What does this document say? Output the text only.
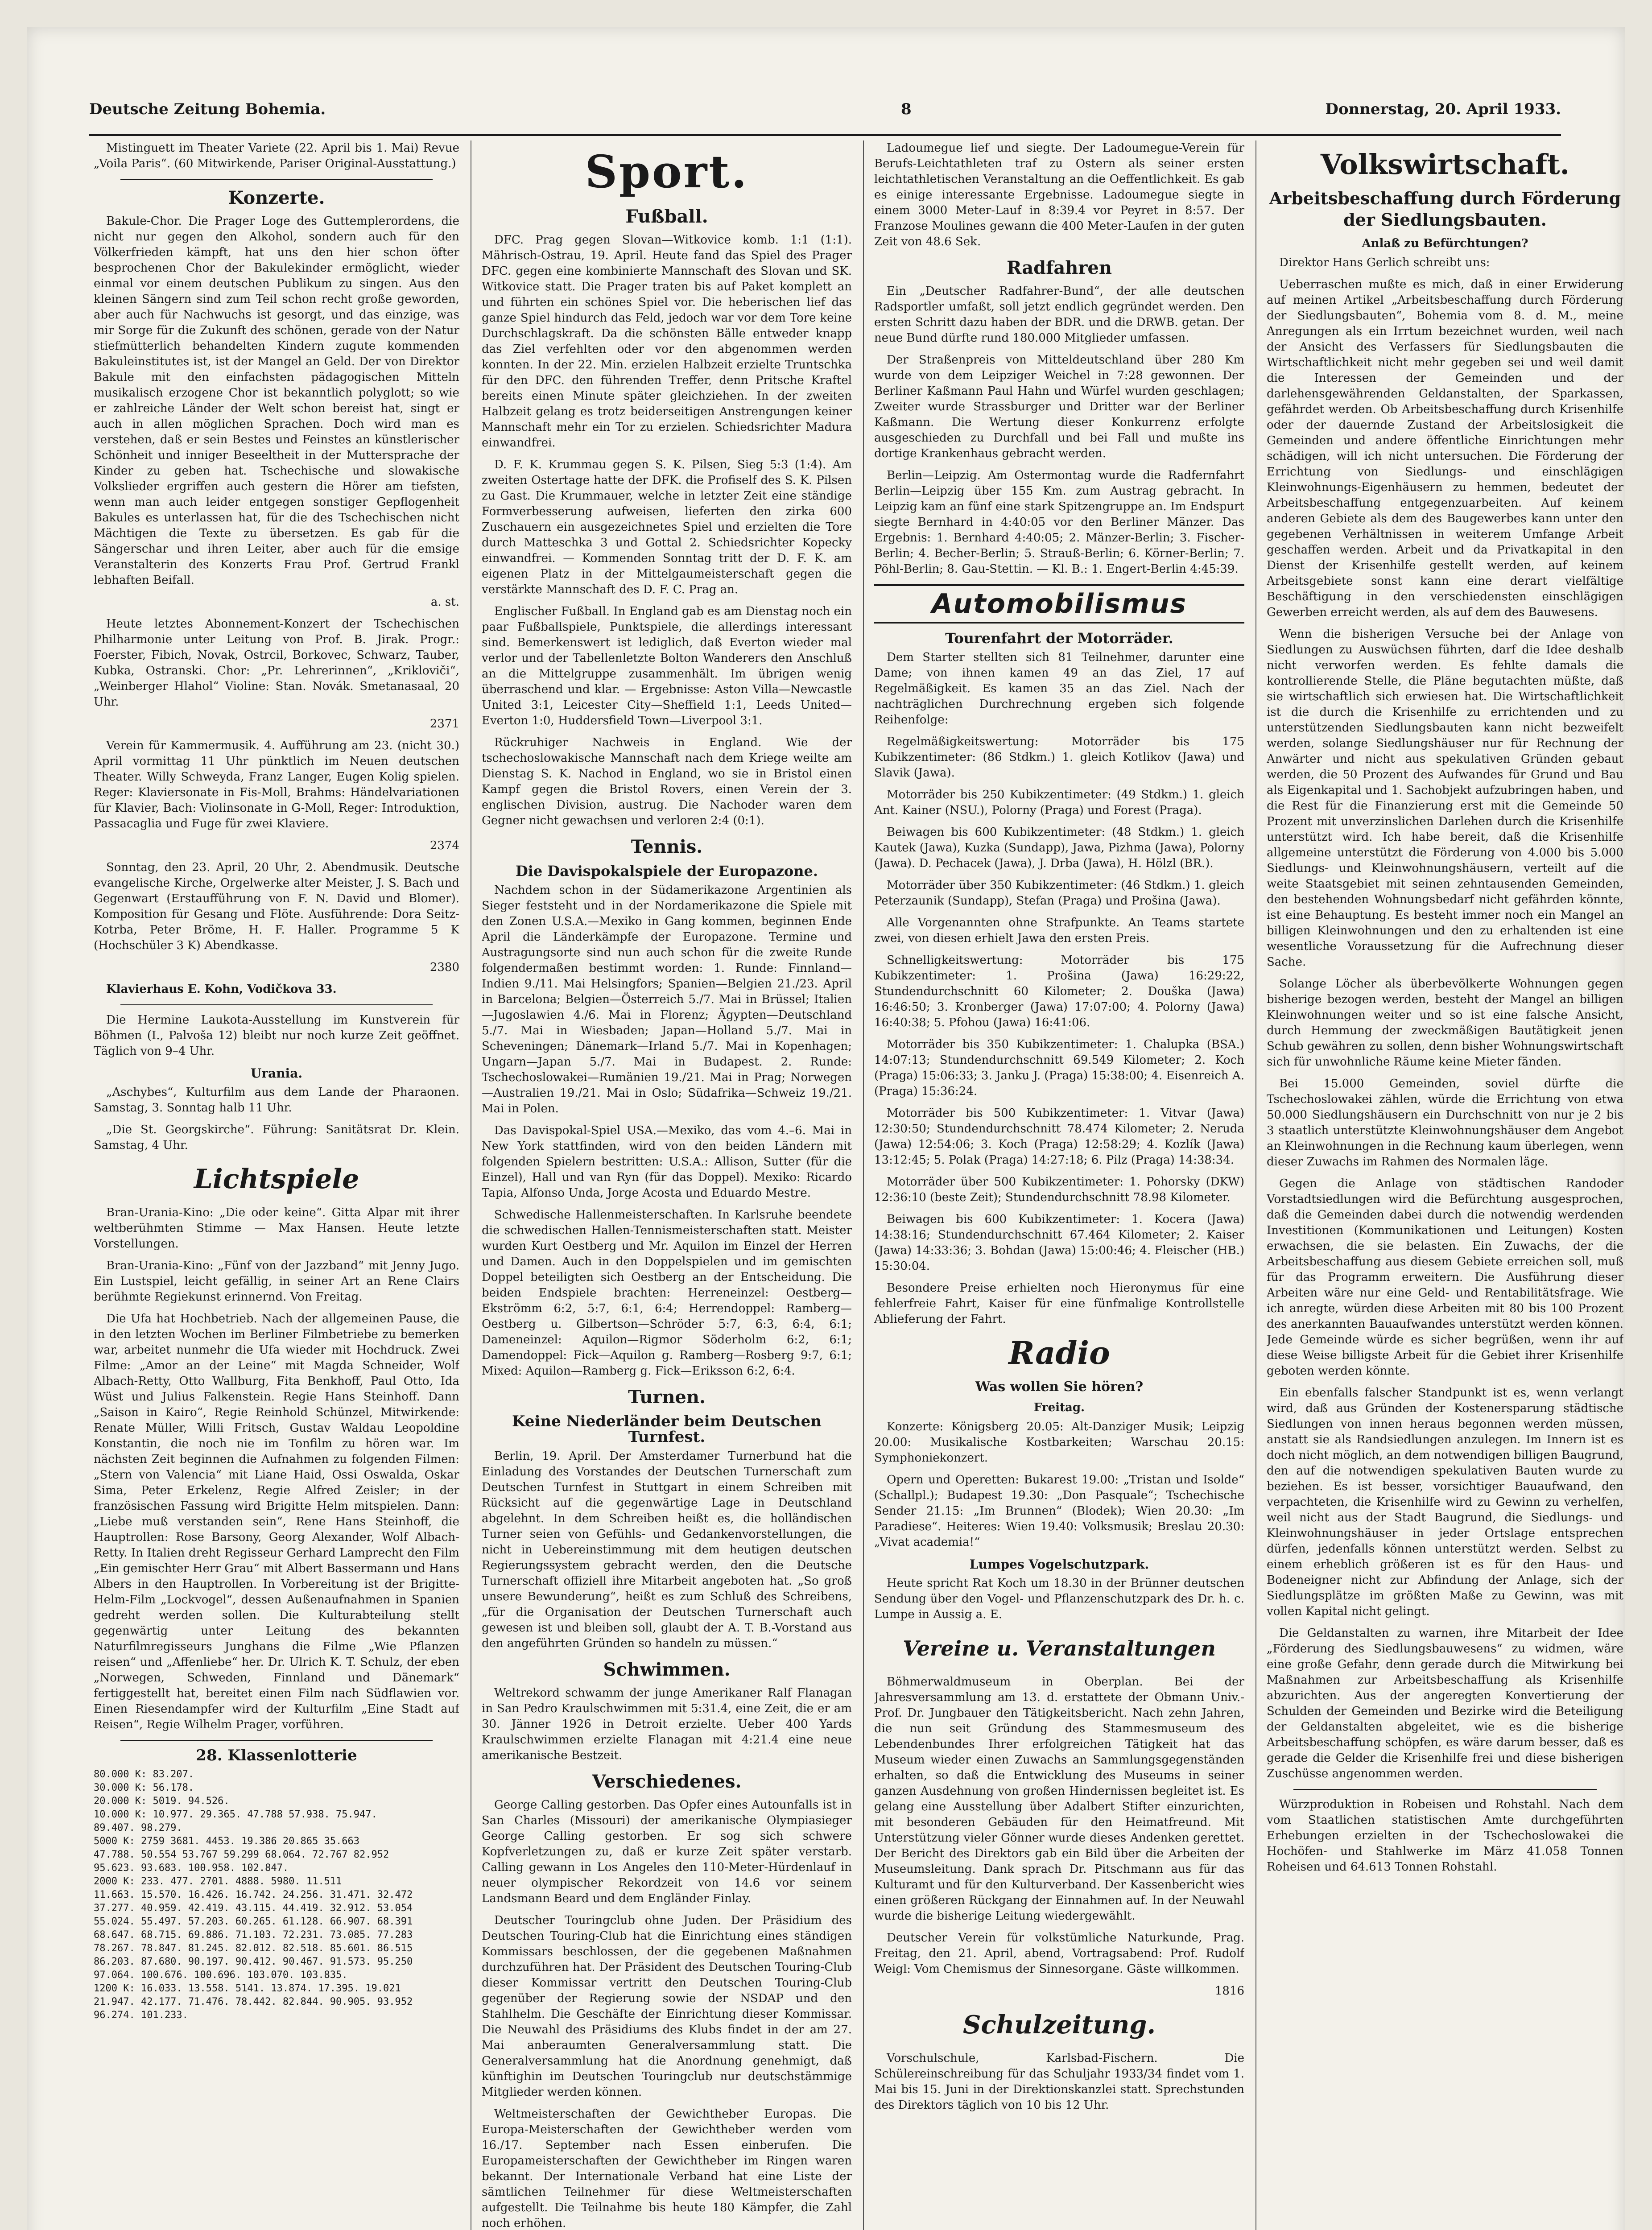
Deutsche Zeitung Bohemia.	8	Donnerstag, 20. April 1933.

Mistinguett im Theater Variete (22. April bis 1. Mai) Revue „Voila Paris“. (60 Mitwirkende, Pariser Original-Ausstattung.)

Konzerte.

Bakule-Chor. Die Prager Loge des Guttemplerordens, die nicht nur gegen den Alkohol, sondern auch für den Völkerfrieden kämpft, hat uns den hier schon öfter besprochenen Chor der Bakulekinder ermöglicht, wieder einmal vor einem deutschen Publikum zu singen. Aus den kleinen Sängern sind zum Teil schon recht große geworden, aber auch für Nachwuchs ist gesorgt, und das einzige, was mir Sorge für die Zukunft des schönen, gerade von der Natur stiefmütterlich behandelten Kindern zugute kommenden Bakuleinstitutes ist, ist der Mangel an Geld. Der von Direktor Bakule mit den einfachsten pädagogischen Mitteln musikalisch erzogene Chor ist bekanntlich polyglott; so wie er zahlreiche Länder der Welt schon bereist hat, singt er auch in allen möglichen Sprachen. Doch wird man es verstehen, daß er sein Bestes und Feinstes an künstlerischer Schönheit und inniger Beseeltheit in der Muttersprache der Kinder zu geben hat. Tschechische und slowakische Volkslieder ergriffen auch gestern die Hörer am tiefsten, wenn man auch leider entgegen sonstiger Gepflogenheit Bakules es unterlassen hat, für die des Tschechischen nicht Mächtigen die Texte zu übersetzen. Es gab für die Sängerschar und ihren Leiter, aber auch für die emsige Veranstalterin des Konzerts Frau Prof. Gertrud Frankl lebhaften Beifall.

a. st.

Heute letztes Abonnement-Konzert der Tschechischen Philharmonie unter Leitung von Prof. B. Jirak. Progr.: Foerster, Fibich, Novak, Ostrcil, Borkovec, Schwarz, Tauber, Kubka, Ostranski. Chor: „Pr. Lehrerinnen“, „Krikloviči“, „Weinberger Hlahol“ Violine: Stan. Novák. Smetanasaal, 20 Uhr.

2371

Verein für Kammermusik. 4. Aufführung am 23. (nicht 30.) April vormittag 11 Uhr pünktlich im Neuen deutschen Theater. Willy Schweyda, Franz Langer, Eugen Kolig spielen. Reger: Klaviersonate in Fis-Moll, Brahms: Händelvariationen für Klavier, Bach: Violinsonate in G-Moll, Reger: Introduktion, Passacaglia und Fuge für zwei Klaviere.

2374

Sonntag, den 23. April, 20 Uhr, 2. Abendmusik. Deutsche evangelische Kirche, Orgelwerke alter Meister, J. S. Bach und Gegenwart (Erstaufführung von F. N. David und Blomer). Komposition für Gesang und Flöte. Ausführende: Dora Seitz-Kotrba, Peter Bröme, H. F. Haller. Programme 5 K (Hochschüler 3 K) Abendkasse.

2380

Klavierhaus E. Kohn, Vodičkova 33.

Die Hermine Laukota-Ausstellung im Kunstverein für Böhmen (I., Palvoša 12) bleibt nur noch kurze Zeit geöffnet. Täglich von 9–4 Uhr.

Urania.

„Aschybes“, Kulturfilm aus dem Lande der Pharaonen. Samstag, 3. Sonntag halb 11 Uhr.

„Die St. Georgskirche“. Führung: Sanitätsrat Dr. Klein. Samstag, 4 Uhr.

Lichtspiele

Bran-Urania-Kino: „Die oder keine“. Gitta Alpar mit ihrer weltberühmten Stimme — Max Hansen. Heute letzte Vorstellungen.

Bran-Urania-Kino: „Fünf von der Jazzband“ mit Jenny Jugo. Ein Lustspiel, leicht gefällig, in seiner Art an Rene Clairs berühmte Regiekunst erinnernd. Von Freitag.

Die Ufa hat Hochbetrieb. Nach der allgemeinen Pause, die in den letzten Wochen im Berliner Filmbetriebe zu bemerken war, arbeitet nunmehr die Ufa wieder mit Hochdruck. Zwei Filme: „Amor an der Leine“ mit Magda Schneider, Wolf Albach-Retty, Otto Wallburg, Fita Benkhoff, Paul Otto, Ida Wüst und Julius Falkenstein. Regie Hans Steinhoff. Dann „Saison in Kairo“, Regie Reinhold Schünzel, Mitwirkende: Renate Müller, Willi Fritsch, Gustav Waldau Leopoldine Konstantin, die noch nie im Tonfilm zu hören war. Im nächsten Zeit beginnen die Aufnahmen zu folgenden Filmen: „Stern von Valencia“ mit Liane Haid, Ossi Oswalda, Oskar Sima, Peter Erkelenz, Regie Alfred Zeisler; in der französischen Fassung wird Brigitte Helm mitspielen. Dann: „Liebe muß verstanden sein“, Rene Hans Steinhoff, die Hauptrollen: Rose Barsony, Georg Alexander, Wolf Albach-Retty. In Italien dreht Regisseur Gerhard Lamprecht den Film „Ein gemischter Herr Grau“ mit Albert Bassermann und Hans Albers in den Hauptrollen. In Vorbereitung ist der Brigitte-Helm-Film „Lockvogel“, dessen Außenaufnahmen in Spanien gedreht werden sollen. Die Kulturabteilung stellt gegenwärtig unter Leitung des bekannten Naturfilmregisseurs Junghans die Filme „Wie Pflanzen reisen“ und „Affenliebe“ her. Dr. Ulrich K. T. Schulz, der eben „Norwegen, Schweden, Finnland und Dänemark“ fertiggestellt hat, bereitet einen Film nach Südflawien vor. Einen Riesendampfer wird der Kulturfilm „Eine Stadt auf Reisen“, Regie Wilhelm Prager, vorführen.

28. Klassenlotterie

80.000 K: 83.207.

30.000 K: 56.178.

20.000 K: 5019. 94.526.

10.000 K: 10.977. 29.365. 47.788 57.938. 75.947.

89.407. 98.279.

5000 K: 2759 3681. 4453. 19.386 20.865 35.663

47.788. 50.554 53.767 59.299 68.064. 72.767 82.952

95.623. 93.683. 100.958. 102.847.

2000 K: 233. 477. 2701. 4888. 5980. 11.511

11.663. 15.570. 16.426. 16.742. 24.256. 31.471. 32.472

37.277. 40.959. 42.419. 43.115. 44.419. 32.912. 53.054

55.024. 55.497. 57.203. 60.265. 61.128. 66.907. 68.391

68.647. 68.715. 69.886. 71.103. 72.231. 73.085. 77.283

78.267. 78.847. 81.245. 82.012. 82.518. 85.601. 86.515

86.203. 87.680. 90.197. 90.412. 90.467. 91.573. 95.250

97.064. 100.676. 100.696. 103.070. 103.835.

1200 K: 16.033. 13.558. 5141. 13.874. 17.395. 19.021

21.947. 42.177. 71.476. 78.442. 82.844. 90.905. 93.952

96.274. 101.233.

Sport.
Fußball.

DFC. Prag gegen Slovan—Witkovice komb. 1:1 (1:1). Mährisch-Ostrau, 19. April. Heute fand das Spiel des Prager DFC. gegen eine kombinierte Mannschaft des Slovan und SK. Witkovice statt. Die Prager traten bis auf Paket komplett an und führten ein schönes Spiel vor. Die heberischen lief das ganze Spiel hindurch das Feld, jedoch war vor dem Tore keine Durchschlagskraft. Da die schönsten Bälle entweder knapp das Ziel verfehlten oder vor den abgenommen werden konnten. In der 22. Min. erzielen Halbzeit erzielte Truntschka für den DFC. den führenden Treffer, denn Pritsche Kraftel bereits einen Minute später gleichziehen. In der zweiten Halbzeit gelang es trotz beiderseitigen Anstrengungen keiner Mannschaft mehr ein Tor zu erzielen. Schiedsrichter Madura einwandfrei.

D. F. K. Krummau gegen S. K. Pilsen, Sieg 5:3 (1:4). Am zweiten Ostertage hatte der DFK. die Profiself des S. K. Pilsen zu Gast. Die Krummauer, welche in letzter Zeit eine ständige Formverbesserung aufweisen, lieferten den zirka 600 Zuschauern ein ausgezeichnetes Spiel und erzielten die Tore durch Matteschka 3 und Gottal 2. Schiedsrichter Kopecky einwandfrei. — Kommenden Sonntag tritt der D. F. K. am eigenen Platz in der Mittelgaumeisterschaft gegen die verstärkte Mannschaft des D. F. C. Prag an.

Englischer Fußball. In England gab es am Dienstag noch ein paar Fußballspiele, Punktspiele, die allerdings interessant sind. Bemerkenswert ist lediglich, daß Everton wieder mal verlor und der Tabellenletzte Bolton Wanderers den Anschluß an die Mittelgruppe zusammenhält. Im übrigen wenig überraschend und klar. — Ergebnisse: Aston Villa—Newcastle United 3:1, Leicester City—Sheffield 1:1, Leeds United—Everton 1:0, Huddersfield Town—Liverpool 3:1.

Rückruhiger Nachweis in England. Wie der tschechoslowakische Mannschaft nach dem Kriege weilte am Dienstag S. K. Nachod in England, wo sie in Bristol einen Kampf gegen die Bristol Rovers, einen Verein der 3. englischen Division, austrug. Die Nachoder waren dem Gegner nicht gewachsen und verloren 2:4 (0:1).

Tennis.
Die Davispokalspiele der Europazone.

Nachdem schon in der Südamerikazone Argentinien als Sieger feststeht und in der Nordamerikazone die Spiele mit den Zonen U.S.A.—Mexiko in Gang kommen, beginnen Ende April die Länderkämpfe der Europazone. Termine und Austragungsorte sind nun auch schon für die zweite Runde folgendermaßen bestimmt worden: 1. Runde: Finnland—Indien 9./11. Mai Helsingfors; Spanien—Belgien 21./23. April in Barcelona; Belgien—Österreich 5./7. Mai in Brüssel; Italien—Jugoslawien 4./6. Mai in Florenz; Ägypten—Deutschland 5./7. Mai in Wiesbaden; Japan—Holland 5./7. Mai in Scheveningen; Dänemark—Irland 5./7. Mai in Kopenhagen; Ungarn—Japan 5./7. Mai in Budapest. 2. Runde: Tschechoslowakei—Rumänien 19./21. Mai in Prag; Norwegen—Australien 19./21. Mai in Oslo; Südafrika—Schweiz 19./21. Mai in Polen.

Das Davispokal-Spiel USA.—Mexiko, das vom 4.–6. Mai in New York stattfinden, wird von den beiden Ländern mit folgenden Spielern bestritten: U.S.A.: Allison, Sutter (für die Einzel), Hall und van Ryn (für das Doppel). Mexiko: Ricardo Tapia, Alfonso Unda, Jorge Acosta und Eduardo Mestre.

Schwedische Hallenmeisterschaften. In Karlsruhe beendete die schwedischen Hallen-Tennismeisterschaften statt. Meister wurden Kurt Oestberg und Mr. Aquilon im Einzel der Herren und Damen. Auch in den Doppelspielen und im gemischten Doppel beteiligten sich Oestberg an der Entscheidung. Die beiden Endspiele brachten: Herreneinzel: Oestberg—Ekströmm 6:2, 5:7, 6:1, 6:4; Herrendoppel: Ramberg—Oestberg u. Gilbertson—Schröder 5:7, 6:3, 6:4, 6:1; Dameneinzel: Aquilon—Rigmor Söderholm 6:2, 6:1; Damendoppel: Fick—Aquilon g. Ramberg—Rosberg 9:7, 6:1; Mixed: Aquilon—Ramberg g. Fick—Eriksson 6:2, 6:4.

Turnen.
Keine Niederländer beim Deutschen Turnfest.

Berlin, 19. April. Der Amsterdamer Turnerbund hat die Einladung des Vorstandes der Deutschen Turnerschaft zum Deutschen Turnfest in Stuttgart in einem Schreiben mit Rücksicht auf die gegenwärtige Lage in Deutschland abgelehnt. In dem Schreiben heißt es, die holländischen Turner seien von Gefühls- und Gedankenvorstellungen, die nicht in Uebereinstimmung mit dem heutigen deutschen Regierungssystem gebracht werden, den die Deutsche Turnerschaft offiziell ihre Mitarbeit angeboten hat. „So groß unsere Bewunderung“, heißt es zum Schluß des Schreibens, „für die Organisation der Deutschen Turnerschaft auch gewesen ist und bleiben soll, glaubt der A. T. B.-Vorstand aus den angeführten Gründen so handeln zu müssen.“

Schwimmen.

Weltrekord schwamm der junge Amerikaner Ralf Flanagan in San Pedro Kraulschwimmen mit 5:31.4, eine Zeit, die er am 30. Jänner 1926 in Detroit erzielte. Ueber 400 Yards Kraulschwimmen erzielte Flanagan mit 4:21.4 eine neue amerikanische Bestzeit.

Verschiedenes.

George Calling gestorben. Das Opfer eines Autounfalls ist in San Charles (Missouri) der amerikanische Olympiasieger George Calling gestorben. Er sog sich schwere Kopfverletzungen zu, daß er kurze Zeit später verstarb. Calling gewann in Los Angeles den 110-Meter-Hürdenlauf in neuer olympischer Rekordzeit von 14.6 vor seinem Landsmann Beard und dem Engländer Finlay.

Deutscher Touringclub ohne Juden. Der Präsidium des Deutschen Touring-Club hat die Einrichtung eines ständigen Kommissars beschlossen, der die gegebenen Maßnahmen durchzuführen hat. Der Präsident des Deutschen Touring-Club dieser Kommissar vertritt den Deutschen Touring-Club gegenüber der Regierung sowie der NSDAP und den Stahlhelm. Die Geschäfte der Einrichtung dieser Kommissar. Die Neuwahl des Präsidiums des Klubs findet in der am 27. Mai anberaumten Generalversammlung statt. Die Generalversammlung hat die Anordnung genehmigt, daß künftighin im Deutschen Touringclub nur deutschstämmige Mitglieder werden können.

Weltmeisterschaften der Gewichtheber Europas. Die Europa-Meisterschaften der Gewichtheber werden vom 16./17. September nach Essen einberufen. Die Europameisterschaften der Gewichtheber im Ringen waren bekannt. Der Internationale Verband hat eine Liste der sämtlichen Teilnehmer für diese Weltmeisterschaften aufgestellt. Die Teilnahme bis heute 180 Kämpfer, die Zahl noch erhöhen.

Ladoumegue lief und siegte. Der Ladoumegue-Verein für Berufs-Leichtathleten traf zu Ostern als seiner ersten leichtathletischen Veranstaltung an die Oeffentlichkeit. Es gab es einige interessante Ergebnisse. Ladoumegue siegte in einem 3000 Meter-Lauf in 8:39.4 vor Peyret in 8:57. Der Franzose Moulines gewann die 400 Meter-Laufen in der guten Zeit von 48.6 Sek.

Radfahren

Ein „Deutscher Radfahrer-Bund“, der alle deutschen Radsportler umfaßt, soll jetzt endlich gegründet werden. Den ersten Schritt dazu haben der BDR. und die DRWB. getan. Der neue Bund dürfte rund 180.000 Mitglieder umfassen.

Der Straßenpreis von Mitteldeutschland über 280 Km wurde von dem Leipziger Weichel in 7:28 gewonnen. Der Berliner Kaßmann Paul Hahn und Würfel wurden geschlagen; Zweiter wurde Strassburger und Dritter war der Berliner Kaßmann. Die Wertung dieser Konkurrenz erfolgte ausgeschieden zu Durchfall und bei Fall und mußte ins dortige Krankenhaus gebracht werden.

Berlin—Leipzig. Am Ostermontag wurde die Radfernfahrt Berlin—Leipzig über 155 Km. zum Austrag gebracht. In Leipzig kam an fünf eine stark Spitzengruppe an. Im Endspurt siegte Bernhard in 4:40:05 vor den Berliner Mänzer. Das Ergebnis: 1. Bernhard 4:40:05; 2. Mänzer-Berlin; 3. Fischer-Berlin; 4. Becher-Berlin; 5. Strauß-Berlin; 6. Körner-Berlin; 7. Pöhl-Berlin; 8. Gau-Stettin. — Kl. B.: 1. Engert-Berlin 4:45:39.

Automobilismus
Tourenfahrt der Motorräder.

Dem Starter stellten sich 81 Teilnehmer, darunter eine Dame; von ihnen kamen 49 an das Ziel, 17 auf Regelmäßigkeit. Es kamen 35 an das Ziel. Nach der nachträglichen Durchrechnung ergeben sich folgende Reihenfolge:

Regelmäßigkeitswertung: Motorräder bis 175 Kubikzentimeter: (86 Stdkm.) 1. gleich Kotlikov (Jawa) und Slavik (Jawa).

Motorräder bis 250 Kubikzentimeter: (49 Stdkm.) 1. gleich Ant. Kainer (NSU.), Polorny (Praga) und Forest (Praga).

Beiwagen bis 600 Kubikzentimeter: (48 Stdkm.) 1. gleich Kautek (Jawa), Kuzka (Sundapp), Jawa, Pizhma (Jawa), Polorny (Jawa). D. Pechacek (Jawa), J. Drba (Jawa), H. Hölzl (BR.).

Motorräder über 350 Kubikzentimeter: (46 Stdkm.) 1. gleich Peterzaunik (Sundapp), Stefan (Praga) und Prošina (Jawa).

Alle Vorgenannten ohne Strafpunkte. An Teams startete zwei, von diesen erhielt Jawa den ersten Preis.

Schnelligkeitswertung: Motorräder bis 175 Kubikzentimeter: 1. Prošina (Jawa) 16:29:22, Stundendurchschnitt 60 Kilometer; 2. Douška (Jawa) 16:46:50; 3. Kronberger (Jawa) 17:07:00; 4. Polorny (Jawa) 16:40:38; 5. Pfohou (Jawa) 16:41:06.

Motorräder bis 350 Kubikzentimeter: 1. Chalupka (BSA.) 14:07:13; Stundendurchschnitt 69.549 Kilometer; 2. Koch (Praga) 15:06:33; 3. Janku J. (Praga) 15:38:00; 4. Eisenreich A. (Praga) 15:36:24.

Motorräder bis 500 Kubikzentimeter: 1. Vitvar (Jawa) 12:30:50; Stundendurchschnitt 78.474 Kilometer; 2. Neruda (Jawa) 12:54:06; 3. Koch (Praga) 12:58:29; 4. Kozlík (Jawa) 13:12:45; 5. Polak (Praga) 14:27:18; 6. Pilz (Praga) 14:38:34.

Motorräder über 500 Kubikzentimeter: 1. Pohorsky (DKW) 12:36:10 (beste Zeit); Stundendurchschnitt 78.98 Kilometer.

Beiwagen bis 600 Kubikzentimeter: 1. Kocera (Jawa) 14:38:16; Stundendurchschnitt 67.464 Kilometer; 2. Kaiser (Jawa) 14:33:36; 3. Bohdan (Jawa) 15:00:46; 4. Fleischer (HB.) 15:30:04.

Besondere Preise erhielten noch Hieronymus für eine fehlerfreie Fahrt, Kaiser für eine fünfmalige Kontrollstelle Ablieferung der Fahrt.

Radio
Was wollen Sie hören?
Freitag.

Konzerte: Königsberg 20.05: Alt-Danziger Musik; Leipzig 20.00: Musikalische Kostbarkeiten; Warschau 20.15: Symphoniekonzert.

Opern und Operetten: Bukarest 19.00: „Tristan und Isolde“ (Schallpl.); Budapest 19.30: „Don Pasquale“; Tschechische Sender 21.15: „Im Brunnen“ (Blodek); Wien 20.30: „Im Paradiese“. Heiteres: Wien 19.40: Volksmusik; Breslau 20.30: „Vivat academia!“

Lumpes Vogelschutzpark.

Heute spricht Rat Koch um 18.30 in der Brünner deutschen Sendung über den Vogel- und Pflanzenschutzpark des Dr. h. c. Lumpe in Aussig a. E.

Vereine u. Veranstaltungen

Böhmerwaldmuseum in Oberplan. Bei der Jahresversammlung am 13. d. erstattete der Obmann Univ.-Prof. Dr. Jungbauer den Tätigkeitsbericht. Nach zehn Jahren, die nun seit Gründung des Stammesmuseum des Lebendenbundes Ihrer erfolgreichen Tätigkeit hat das Museum wieder einen Zuwachs an Sammlungsgegenständen erhalten, so daß die Entwicklung des Museums in seiner ganzen Ausdehnung von großen Hindernissen begleitet ist. Es gelang eine Ausstellung über Adalbert Stifter einzurichten, mit besonderen Gebäuden für den Heimatfreund. Mit Unterstützung vieler Gönner wurde dieses Andenken gerettet. Der Bericht des Direktors gab ein Bild über die Arbeiten der Museumsleitung. Dank sprach Dr. Pitschmann aus für das Kulturamt und für den Kulturverband. Der Kassenbericht wies einen größeren Rückgang der Einnahmen auf. In der Neuwahl wurde die bisherige Leitung wiedergewählt.

Deutscher Verein für volkstümliche Naturkunde, Prag. Freitag, den 21. April, abend, Vortragsabend: Prof. Rudolf Weigl: Vom Chemismus der Sinnesorgane. Gäste willkommen.

1816

Schulzeitung.

Vorschulschule, Karlsbad-Fischern. Die Schülereinschreibung für das Schuljahr 1933/34 findet vom 1. Mai bis 15. Juni in der Direktionskanzlei statt. Sprechstunden des Direktors täglich von 10 bis 12 Uhr.

Volkswirtschaft.
Arbeitsbeschaffung durch Förderung der Siedlungsbauten.
Anlaß zu Befürchtungen?

Direktor Hans Gerlich schreibt uns:

Ueberraschen mußte es mich, daß in einer Erwiderung auf meinen Artikel „Arbeitsbeschaffung durch Förderung der Siedlungsbauten“, Bohemia vom 8. d. M., meine Anregungen als ein Irrtum bezeichnet wurden, weil nach der Ansicht des Verfassers für Siedlungsbauten die Wirtschaftlichkeit nicht mehr gegeben sei und weil damit die Interessen der Gemeinden und der darlehensgewährenden Geldanstalten, der Sparkassen, gefährdet werden. Ob Arbeitsbeschaffung durch Krisenhilfe oder der dauernde Zustand der Arbeitslosigkeit die Gemeinden und andere öffentliche Einrichtungen mehr schädigen, will ich nicht untersuchen. Die Förderung der Errichtung von Siedlungs- und einschlägigen Kleinwohnungs-Eigenhäusern zu hemmen, bedeutet der Arbeitsbeschaffung entgegenzuarbeiten. Auf keinem anderen Gebiete als dem des Baugewerbes kann unter den gegebenen Verhältnissen in weiterem Umfange Arbeit geschaffen werden. Arbeit und da Privatkapital in den Dienst der Krisenhilfe gestellt werden, auf keinem Arbeitsgebiete sonst kann eine derart vielfältige Beschäftigung in den verschiedensten einschlägigen Gewerben erreicht werden, als auf dem des Bauwesens.

Wenn die bisherigen Versuche bei der Anlage von Siedlungen zu Auswüchsen führten, darf die Idee deshalb nicht verworfen werden. Es fehlte damals die kontrollierende Stelle, die Pläne begutachten müßte, daß sie wirtschaftlich sich erwiesen hat. Die Wirtschaftlichkeit ist die durch die Krisenhilfe zu errichtenden und zu unterstützenden Siedlungsbauten kann nicht bezweifelt werden, solange Siedlungshäuser nur für Rechnung der Anwärter und nicht aus spekulativen Gründen gebaut werden, die 50 Prozent des Aufwandes für Grund und Bau als Eigenkapital und 1. Sachobjekt aufzubringen haben, und die Rest für die Finanzierung erst mit die Gemeinde 50 Prozent mit unverzinslichen Darlehen durch die Krisenhilfe unterstützt wird. Ich habe bereit, daß die Krisenhilfe allgemeine unterstützt die Förderung von 4.000 bis 5.000 Siedlungs- und Kleinwohnungshäusern, verteilt auf die weite Staatsgebiet mit seinen zehntausenden Gemeinden, den bestehenden Wohnungsbedarf nicht gefährden könnte, ist eine Behauptung. Es besteht immer noch ein Mangel an billigen Kleinwohnungen und den zu erhaltenden ist eine wesentliche Voraussetzung für die Aufrechnung dieser Sache.

Solange Löcher als überbevölkerte Wohnungen gegen bisherige bezogen werden, besteht der Mangel an billigen Kleinwohnungen weiter und so ist eine falsche Ansicht, durch Hemmung der zweckmäßigen Bautätigkeit jenen Schub gewähren zu sollen, denn bisher Wohnungswirtschaft sich für unwohnliche Räume keine Mieter fänden.

Bei 15.000 Gemeinden, soviel dürfte die Tschechoslowakei zählen, würde die Errichtung von etwa 50.000 Siedlungshäusern ein Durchschnitt von nur je 2 bis 3 staatlich unterstützte Kleinwohnungshäuser dem Angebot an Kleinwohnungen in die Rechnung kaum überlegen, wenn dieser Zuwachs im Rahmen des Normalen läge.

Gegen die Anlage von städtischen Randoder Vorstadtsiedlungen wird die Befürchtung ausgesprochen, daß die Gemeinden dabei durch die notwendig werdenden Investitionen (Kommunikationen und Leitungen) Kosten erwachsen, die sie belasten. Ein Zuwachs, der die Arbeitsbeschaffung aus diesem Gebiete erreichen soll, muß für das Programm erweitern. Die Ausführung dieser Arbeiten wäre nur eine Geld- und Rentabilitätsfrage. Wie ich anregte, würden diese Arbeiten mit 80 bis 100 Prozent des anerkannten Bauaufwandes unterstützt werden können. Jede Gemeinde würde es sicher begrüßen, wenn ihr auf diese Weise billigste Arbeit für die Gebiet ihrer Krisenhilfe geboten werden könnte.

Ein ebenfalls falscher Standpunkt ist es, wenn verlangt wird, daß aus Gründen der Kostenersparung städtische Siedlungen von innen heraus begonnen werden müssen, anstatt sie als Randsiedlungen anzulegen. Im Innern ist es doch nicht möglich, an dem notwendigen billigen Baugrund, den auf die notwendigen spekulativen Bauten wurde zu beziehen. Es ist besser, vorsichtiger Bauaufwand, den verpachteten, die Krisenhilfe wird zu Gewinn zu verhelfen, weil nicht aus der Stadt Baugrund, die Siedlungs- und Kleinwohnungshäuser in jeder Ortslage entsprechen dürfen, jedenfalls können unterstützt werden. Selbst zu einem erheblich größeren ist es für den Haus- und Bodeneigner nicht zur Abfindung der Anlage, sich der Siedlungsplätze im größten Maße zu Gewinn, was mit vollen Kapital nicht gelingt.

Die Geldanstalten zu warnen, ihre Mitarbeit der Idee „Förderung des Siedlungsbauwesens“ zu widmen, wäre eine große Gefahr, denn gerade durch die Mitwirkung bei Maßnahmen zur Arbeitsbeschaffung als Krisenhilfe abzurichten. Aus der angeregten Konvertierung der Schulden der Gemeinden und Bezirke wird die Beteiligung der Geldanstalten abgeleitet, wie es die bisherige Arbeitsbeschaffung schöpfen, es wäre darum besser, daß es gerade die Gelder die Krisenhilfe frei und diese bisherigen Zuschüsse angenommen werden.

Würzproduktion in Robeisen und Rohstahl. Nach dem vom Staatlichen statistischen Amte durchgeführten Erhebungen erzielten in der Tschechoslowakei die Hochöfen- und Stahlwerke im März 41.058 Tonnen Roheisen und 64.613 Tonnen Rohstahl.
